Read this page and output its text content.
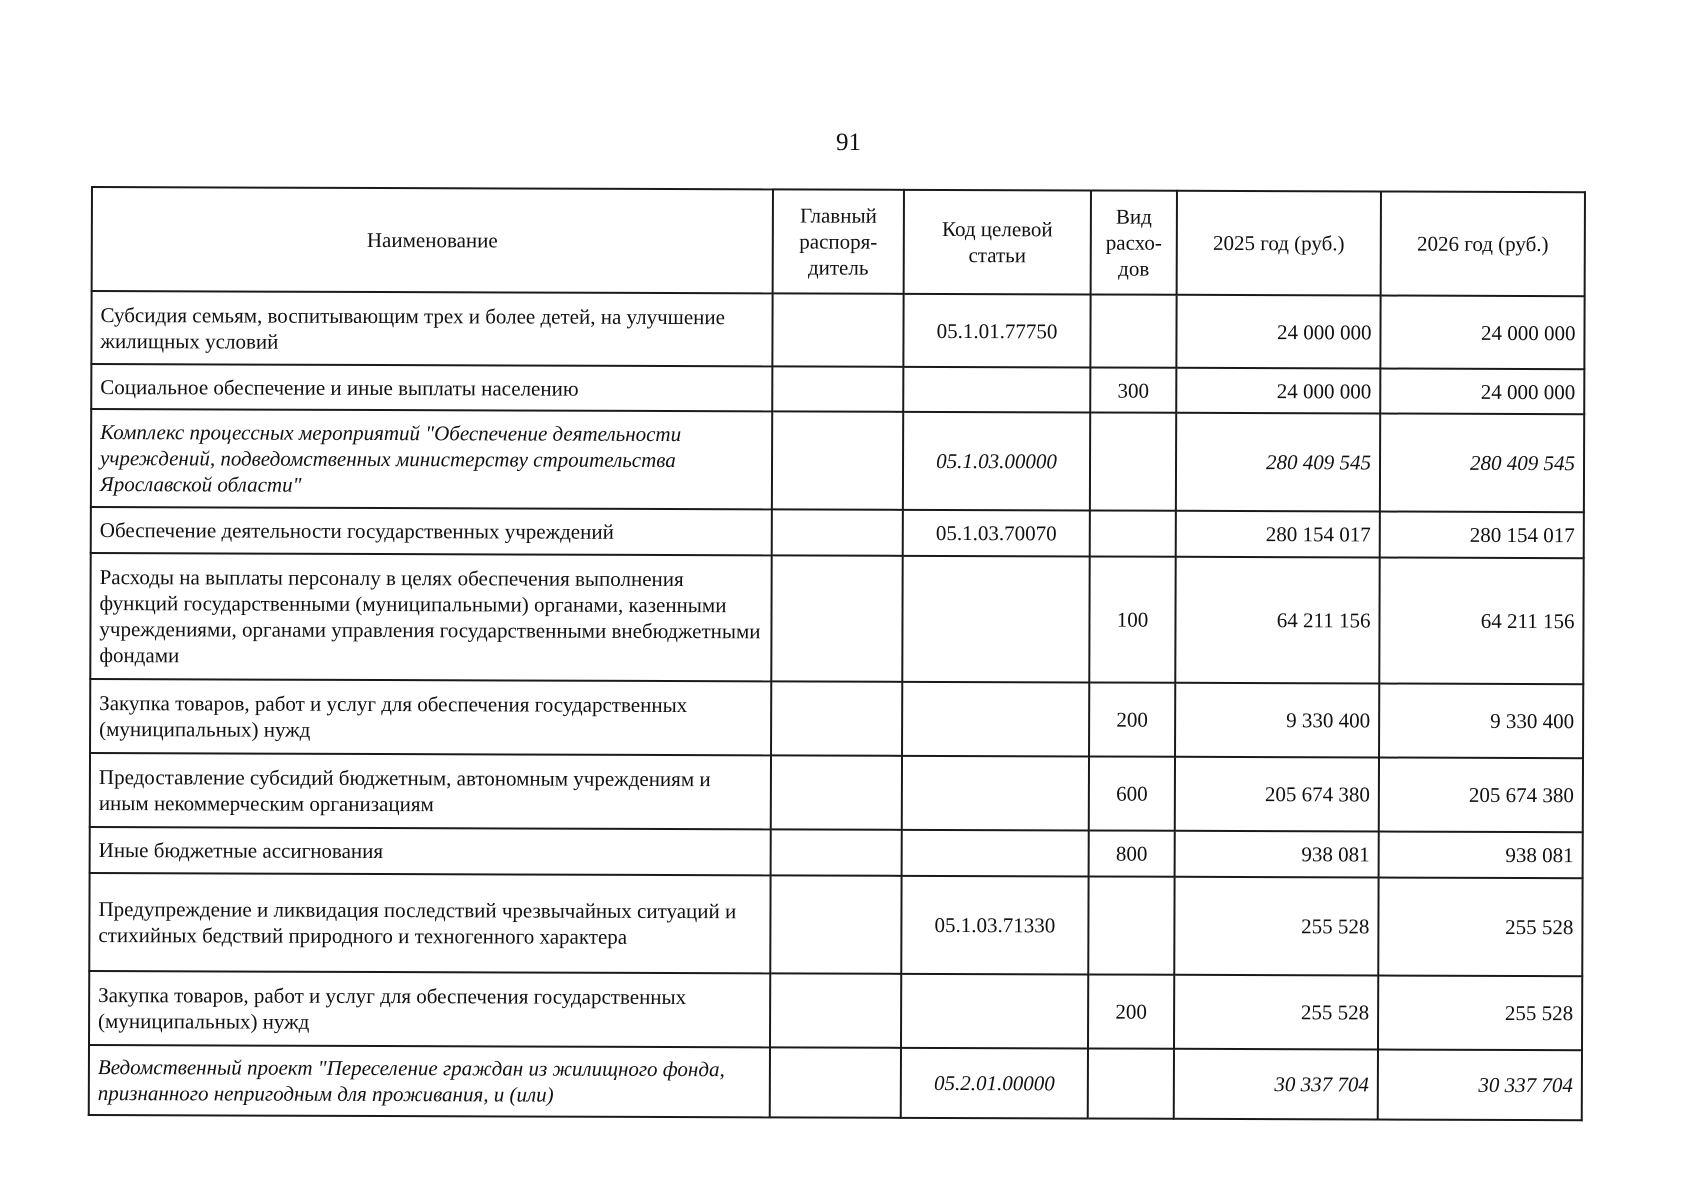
91
Наименование	Главный распоря-дитель	Код целевой статьи	Вид расхо-дов	2025 год (руб.)	2026 год (руб.)
Субсидия семьям, воспитывающим трех и более детей, на улучшение жилищных условий		05.1.01.77750		24 000 000	24 000 000
Социальное обеспечение и иные выплаты населению			300	24 000 000	24 000 000
Комплекс процессных мероприятий "Обеспечение деятельности учреждений, подведомственных министерству строительства Ярославской области"		05.1.03.00000		280 409 545	280 409 545
Обеспечение деятельности государственных учреждений		05.1.03.70070		280 154 017	280 154 017
Расходы на выплаты персоналу в целях обеспечения выполнения функций государственными (муниципальными) органами, казенными учреждениями, органами управления государственными внебюджетными фондами			100	64 211 156	64 211 156
Закупка товаров, работ и услуг для обеспечения государственных (муниципальных) нужд			200	9 330 400	9 330 400
Предоставление субсидий бюджетным, автономным учреждениям и иным некоммерческим организациям			600	205 674 380	205 674 380
Иные бюджетные ассигнования			800	938 081	938 081
Предупреждение и ликвидация последствий чрезвычайных ситуаций и стихийных бедствий природного и техногенного характера		05.1.03.71330		255 528	255 528
Закупка товаров, работ и услуг для обеспечения государственных (муниципальных) нужд			200	255 528	255 528
Ведомственный проект "Переселение граждан из жилищного фонда, признанного непригодным для проживания, и (или)		05.2.01.00000		30 337 704	30 337 704
